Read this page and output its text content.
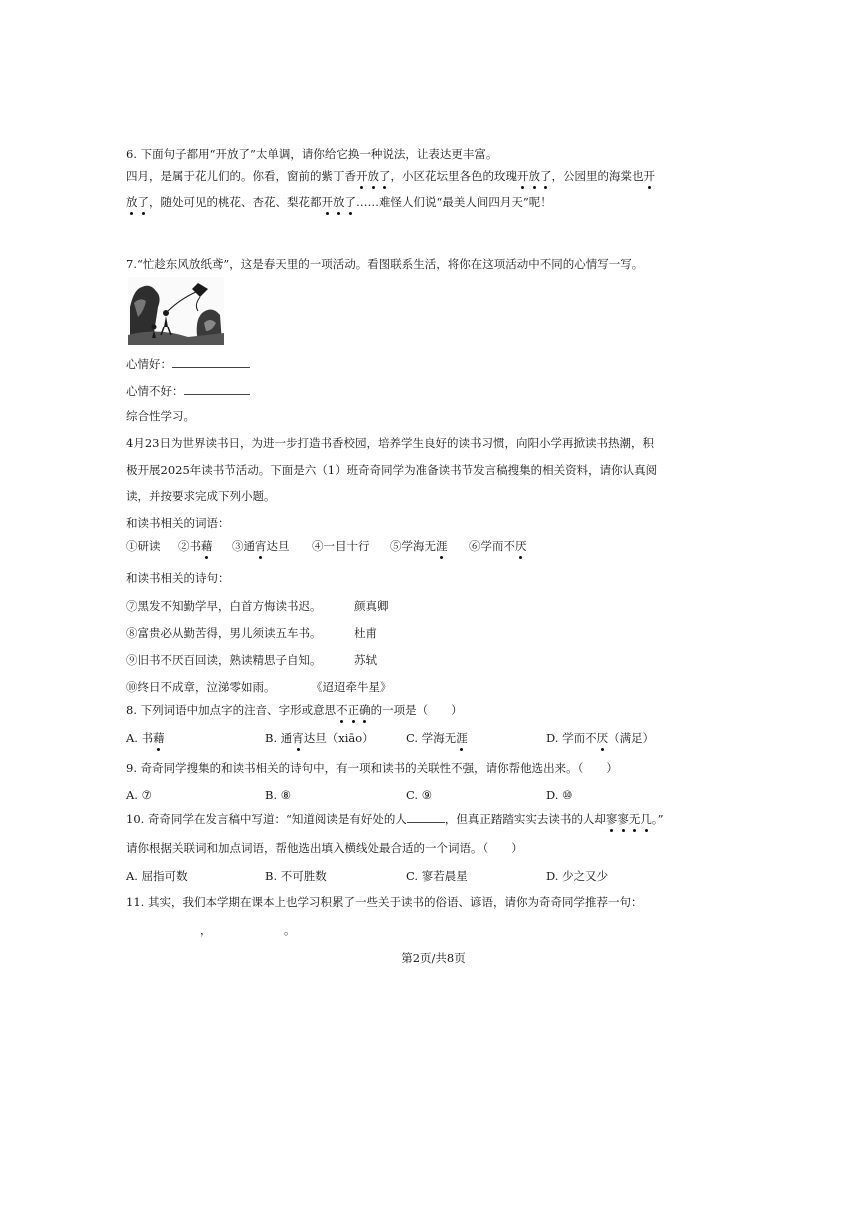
6. 下面句子都用“开放了”太单调，请你给它换一种说法，让表达更丰富。
四月，是属于花儿们的。你看，窗前的紫丁香开放了，小区花坛里各色的玫瑰开放了，公园里的海棠也开
放了，随处可见的桃花、杏花、梨花都开放了……难怪人们说“最美人间四月天”呢！
7.“忙趁东风放纸鸢”，这是春天里的一项活动。看图联系生活，将你在这项活动中不同的心情写一写。
心情好：
心情不好：
综合性学习。
4月23日为世界读书日，为进一步打造书香校园，培养学生良好的读书习惯，向阳小学再掀读书热潮，积
极开展2025年读书节活动。下面是六（1）班奇奇同学为准备读书节发言稿搜集的相关资料，请你认真阅
读，并按要求完成下列小题。
和读书相关的词语：
①研读 ②书藉 ③通宵达旦 ④一目十行 ⑤学海无涯 ⑥学而不厌
和读书相关的诗句：
⑦黑发不知勤学早，白首方悔读书迟。	颜真卿
⑧富贵必从勤苦得，男儿须读五车书。	杜甫
⑨旧书不厌百回读，熟读精思子自知。	苏轼
⑩终日不成章，泣涕零如雨。	《迢迢牵牛星》
8. 下列词语中加点字的注音、字形或意思不正确的一项是（　　）
A. 书藉	B. 通宵达旦（xiāo）	C. 学海无涯	D. 学而不厌（满足）
9. 奇奇同学搜集的和读书相关的诗句中，有一项和读书的关联性不强，请你帮他选出来。（　　）
A. ⑦	B. ⑧	C. ⑨	D. ⑩
10. 奇奇同学在发言稿中写道：“知道阅读是有好处的人	，但真正踏踏实实去读书的人却寥寥无几。”
请你根据关联词和加点词语，帮他选出填入横线处最合适的一个词语。（　　）
A. 屈指可数	B. 不可胜数	C. 寥若晨星	D. 少之又少
11. 其实，我们本学期在课本上也学习积累了一些关于读书的俗语、谚语，请你为奇奇同学推荐一句：
，	。
第2页/共8页
